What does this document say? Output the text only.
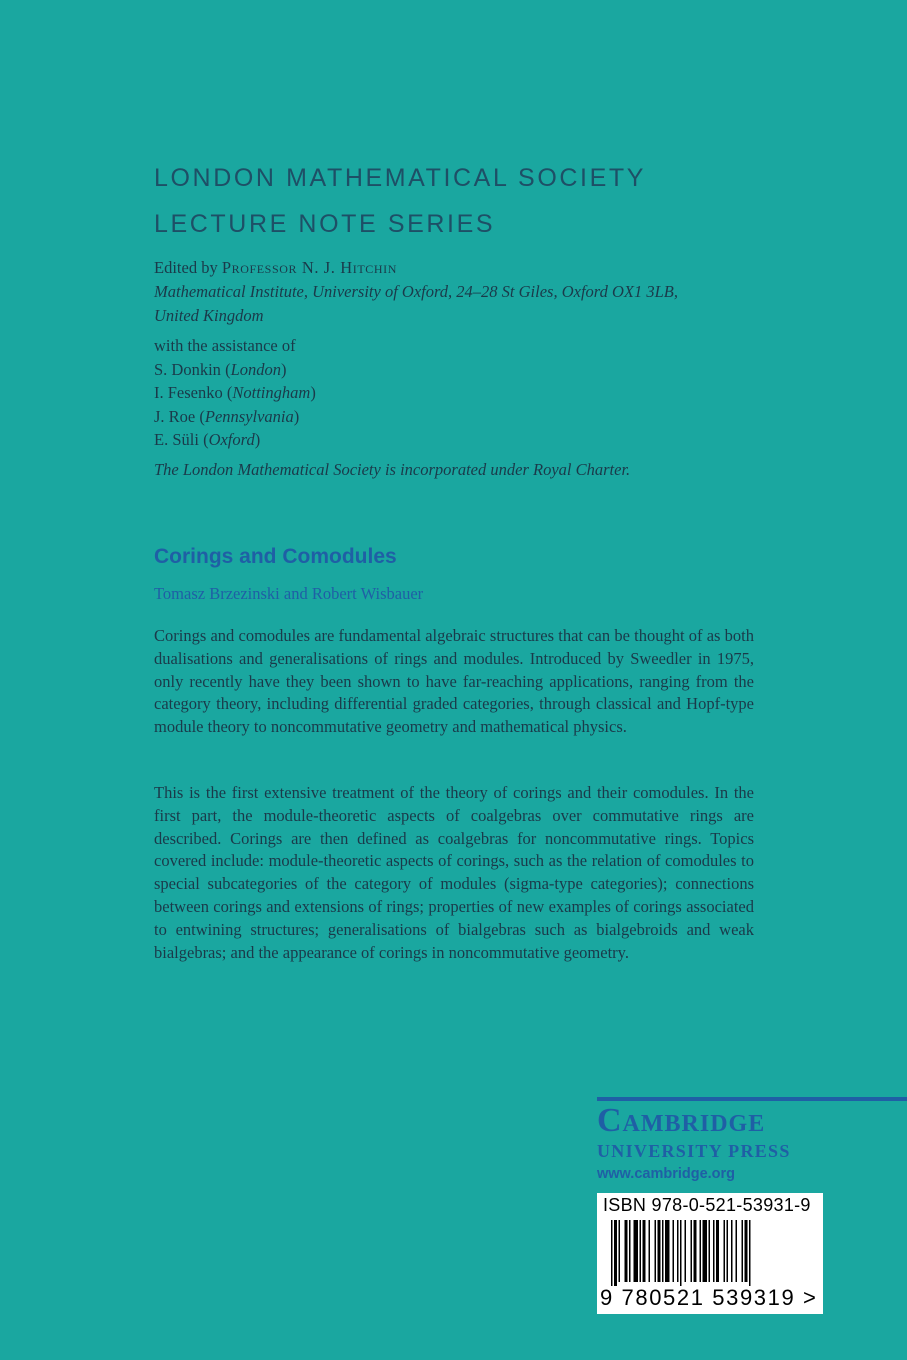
LONDON MATHEMATICAL SOCIETY
LECTURE NOTE SERIES
Edited by Professor N. J. Hitchin
Mathematical Institute, University of Oxford, 24–28 St Giles, Oxford OX1 3LB,
United Kingdom
with the assistance of
S. Donkin (London)
I. Fesenko (Nottingham)
J. Roe (Pennsylvania)
E. Süli (Oxford)
The London Mathematical Society is incorporated under Royal Charter.
Corings and Comodules
Tomasz Brzezinski and Robert Wisbauer
Corings and comodules are fundamental algebraic structures that can be thought of as both dualisations and generalisations of rings and modules. Introduced by Sweedler in 1975, only recently have they been shown to have far-reaching applications, ranging from the category theory, including differential graded categories, through classical and Hopf-type module theory to noncommutative geometry and mathematical physics.
This is the first extensive treatment of the theory of corings and their comodules. In the first part, the module-theoretic aspects of coalgebras over commutative rings are described. Corings are then defined as coalgebras for noncommutative rings. Topics covered include: module-theoretic aspects of corings, such as the relation of comodules to special subcategories of the category of modules (sigma-type categories); connections between corings and extensions of rings; properties of new examples of corings associated to entwining structures; generalisations of bialgebras such as bialgebroids and weak bialgebras; and the appearance of corings in noncommutative geometry.
Cambridge
UNIVERSITY PRESS
www.cambridge.org
ISBN 978-0-521-53931-9
9 780521 539319 >
